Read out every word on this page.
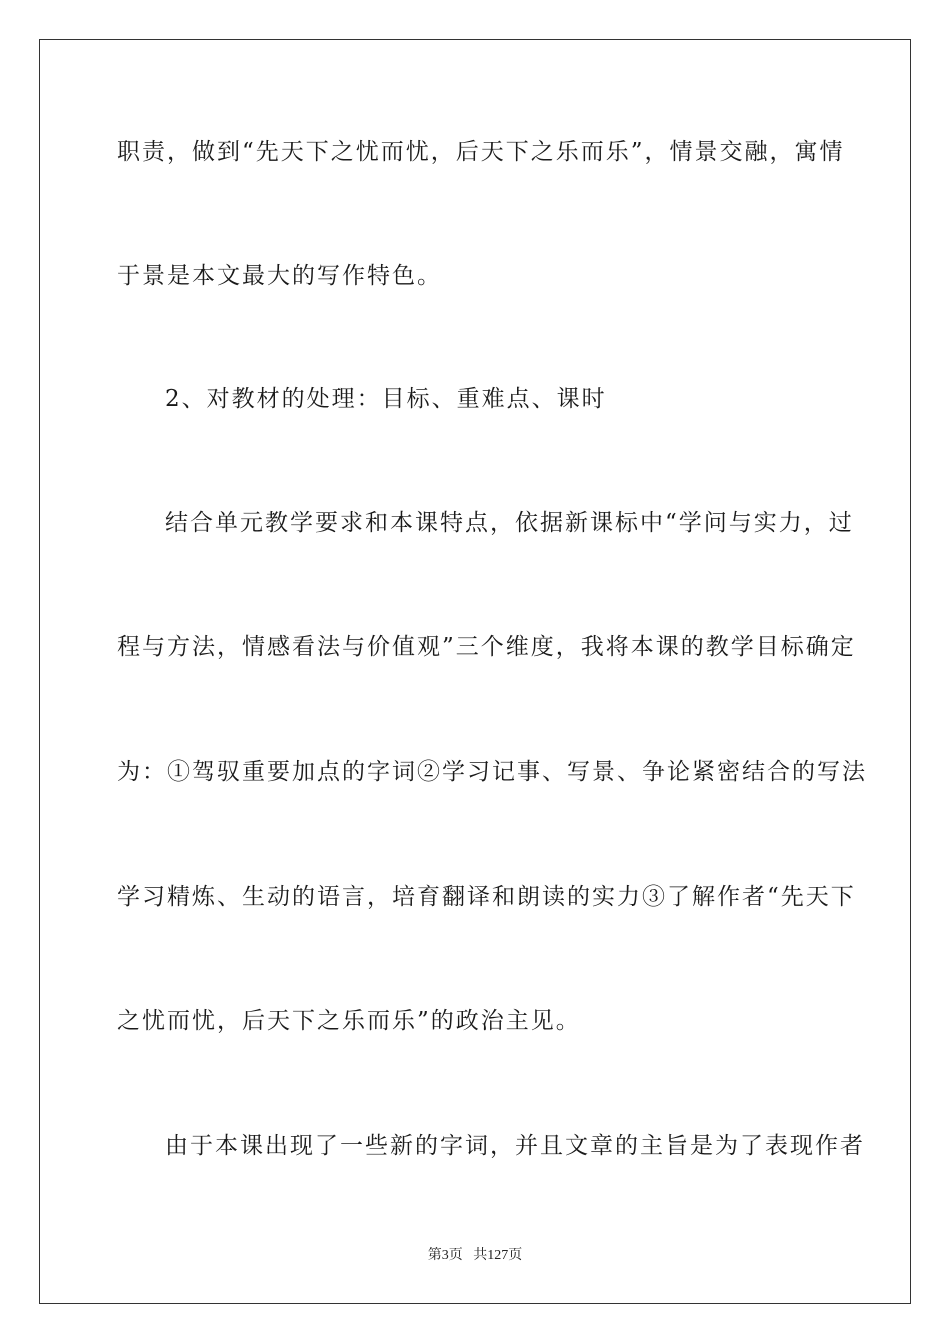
职责，做到“先天下之忧而忧，后天下之乐而乐”，情景交融，寓情
于景是本文最大的写作特色。
2、对教材的处理：目标、重难点、课时
结合单元教学要求和本课特点，依据新课标中“学问与实力，过
程与方法，情感看法与价值观”三个维度，我将本课的教学目标确定
为：①驾驭重要加点的字词②学习记事、写景、争论紧密结合的写法
学习精炼、生动的语言，培育翻译和朗读的实力③了解作者“先天下
之忧而忧，后天下之乐而乐”的政治主见。
由于本课出现了一些新的字词，并且文章的主旨是为了表现作者
第3页 共127页
